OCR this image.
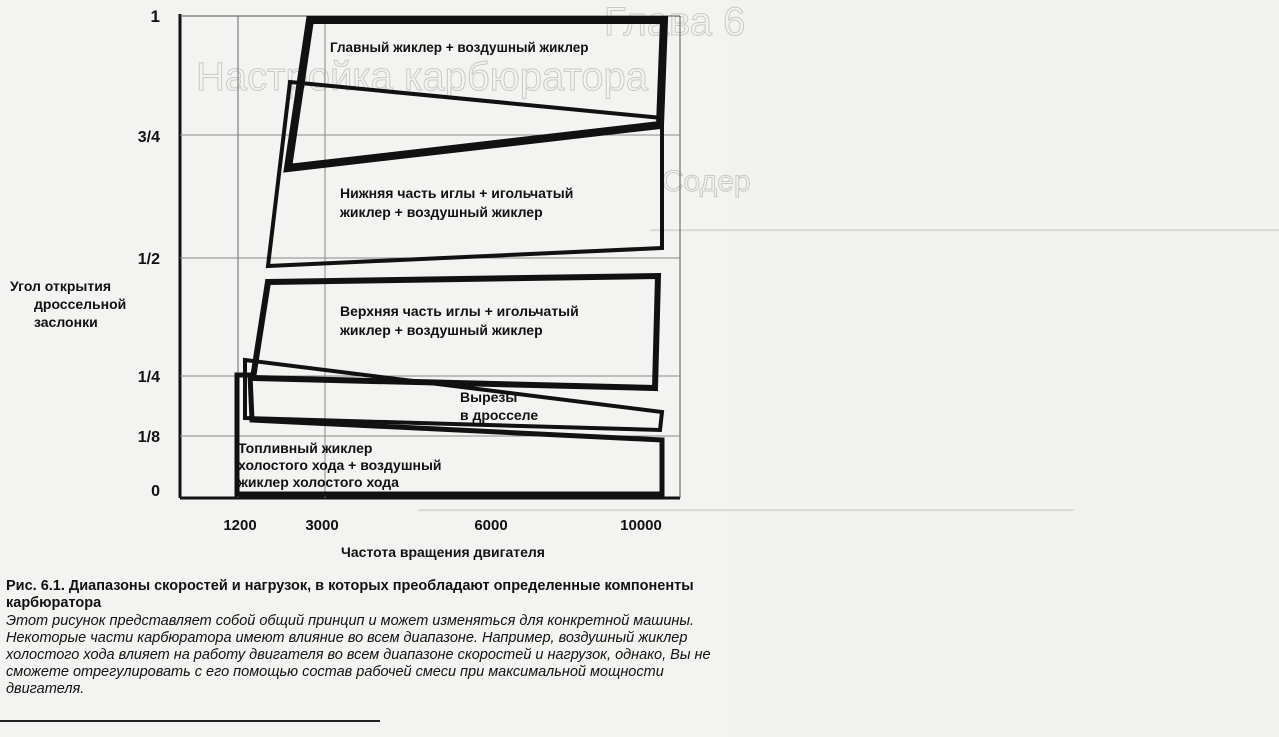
Глава 6
Настройка карбюратора
Содер
━━━━━━━━━━━━━━━━━━━━━━━━━━━━━━━━━━━━━━━━━━━━━━━━━━━━━━━━━━━━━━━━━━━━━━━━━━━━━━━━━━━━━━━━━━━━━━━━━━━
━━━━━━━━━━━━━━━━━━━━━━━━━━━━━━━━━━━━━━━━━━━━━━━━━━━━━━━━━━━━━━━━━━━━━━━━━━━━━━━━━━━━━━━━━━━━━━━
1
3/4
1/2
1/4
1/8
0
Угол открытия
дроссельной
заслонки
1200	3000	6000	10000
Частота вращения двигателя
Главный жиклер + воздушный жиклер
Нижняя часть иглы + игольчатый
жиклер + воздушный жиклер
Верхняя часть иглы + игольчатый
жиклер + воздушный жиклер
Вырезы
в дросселе
Топливный жиклер
холостого хода + воздушный
жиклер холостого хода
Рис. 6.1. Диапазоны скоростей и нагрузок, в которых преобладают определенные компоненты карбюратора
Этот рисунок представляет собой общий принцип и может изменяться для конкретной машины. Некоторые части карбюратора имеют влияние во всем диапазоне. Например, воздушный жиклер холостого хода влияет на работу двигателя во всем диапазоне скоростей и нагрузок, однако, Вы не сможете отрегулировать с его помощью состав рабочей смеси при максимальной мощности двигателя.
